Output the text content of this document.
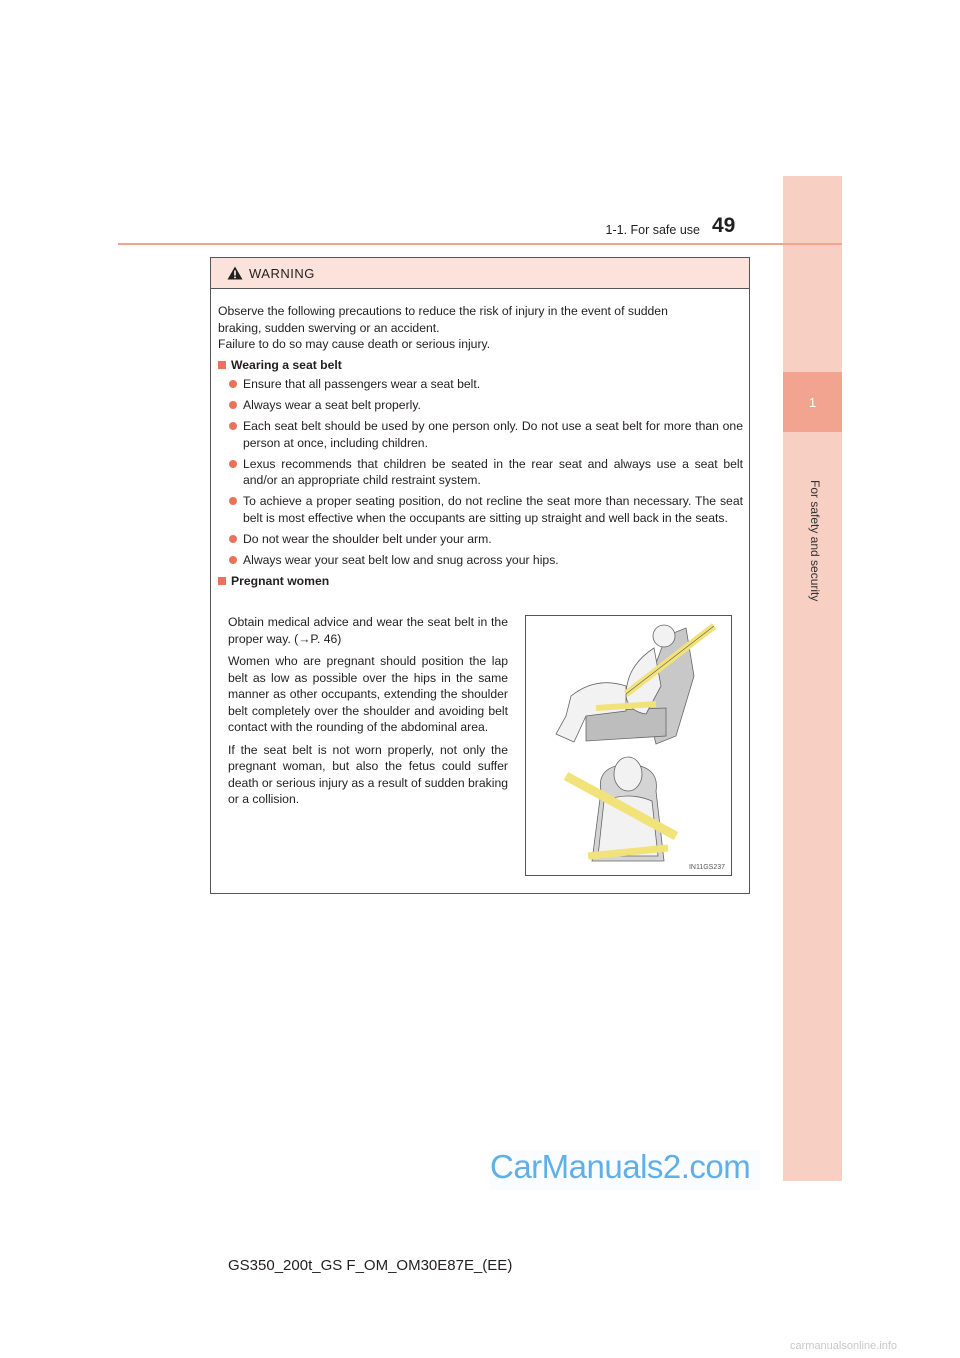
1
For safety and security
1-1. For safe use 49
WARNING

Observe the following precautions to reduce the risk of injury in the event of sudden
braking, sudden swerving or an accident.
Failure to do so may cause death or serious injury.

Wearing a seat belt
Ensure that all passengers wear a seat belt.
Always wear a seat belt properly.
Each seat belt should be used by one person only. Do not use a seat belt for more than one person at once, including children.
Lexus recommends that children be seated in the rear seat and always use a seat belt and/or an appropriate child restraint system.
To achieve a proper seating position, do not recline the seat more than necessary. The seat belt is most effective when the occupants are sitting up straight and well back in the seats.
Do not wear the shoulder belt under your arm.
Always wear your seat belt low and snug across your hips.
Pregnant women

Obtain medical advice and wear the seat belt in the proper way. (→P. 46)

Women who are pregnant should position the lap belt as low as possible over the hips in the same manner as other occupants, extending the shoulder belt completely over the shoulder and avoiding belt contact with the rounding of the abdominal area.

If the seat belt is not worn properly, not only the pregnant woman, but also the fetus could suffer death or serious injury as a result of sudden braking or a collision.

IN11GS237
GS350_200t_GS F_OM_OM30E87E_(EE)
CarManuals2.com
carmanualsonline.info
